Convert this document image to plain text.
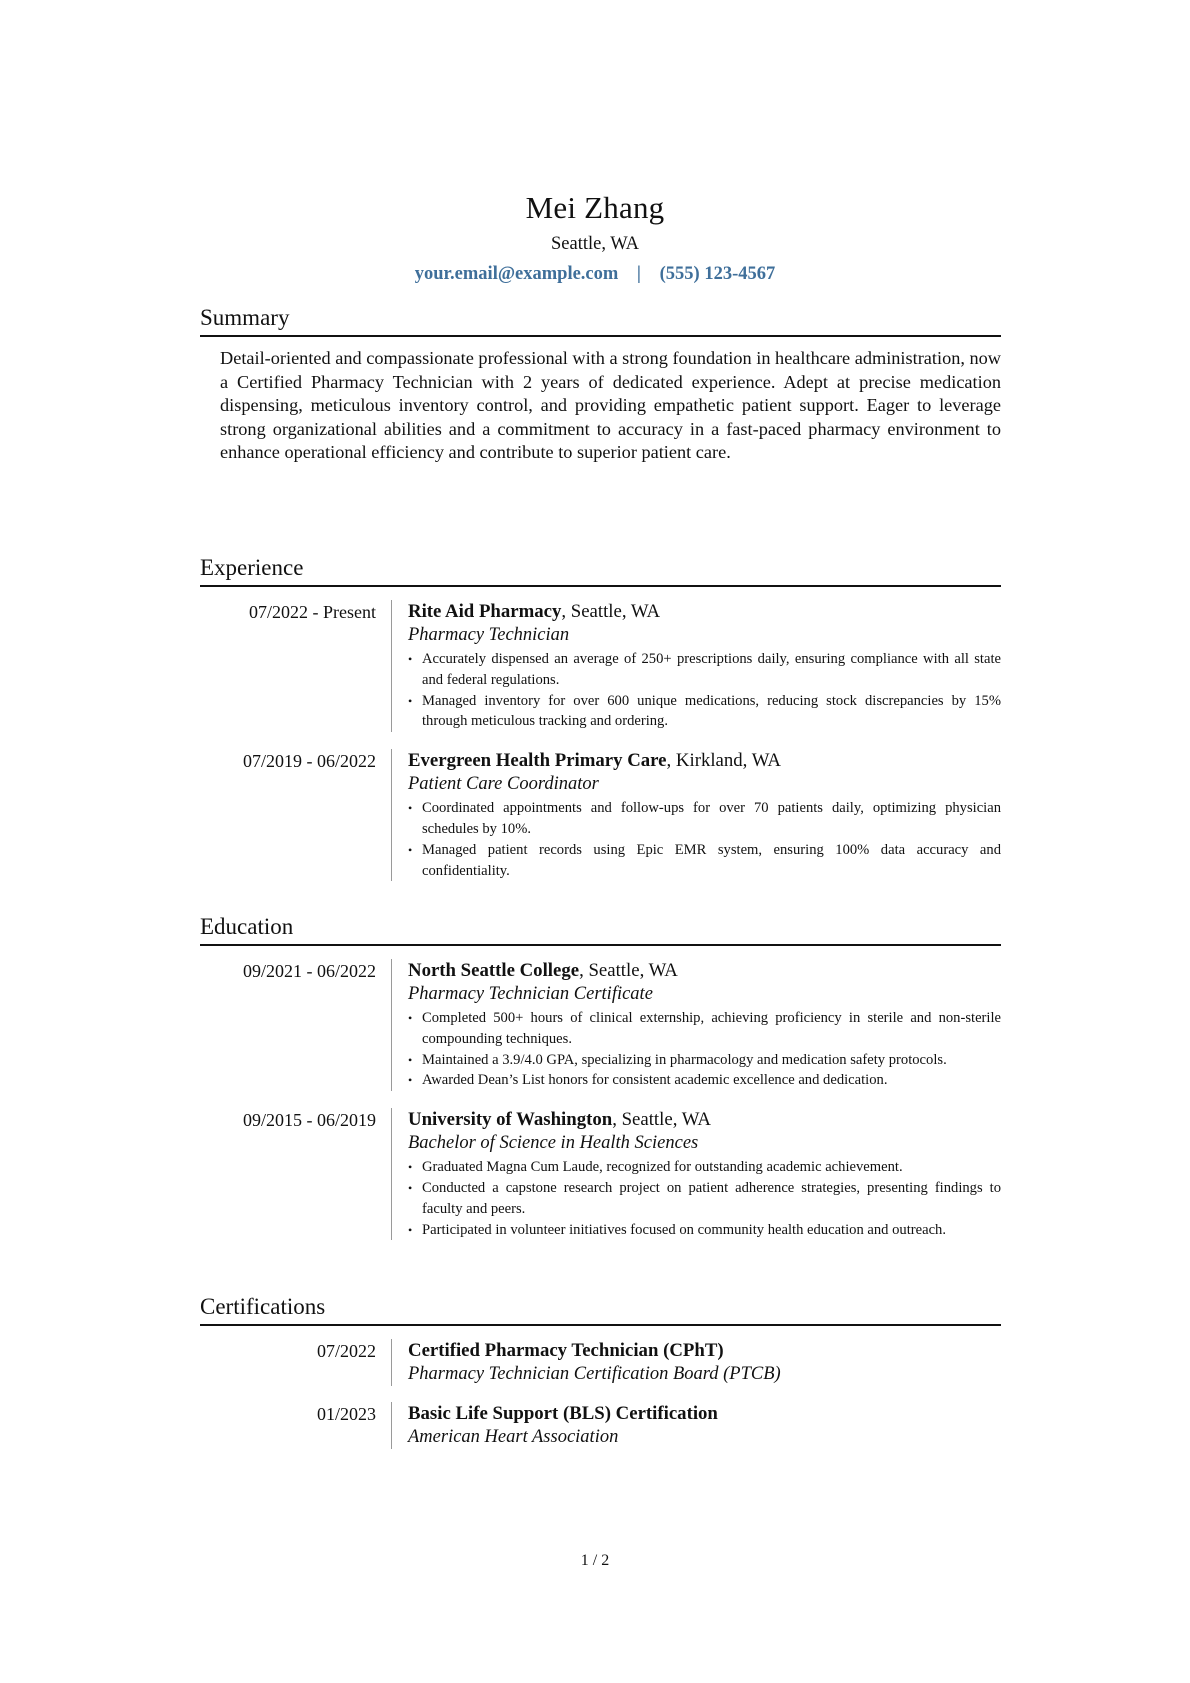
Mei Zhang
Seattle, WA
your.email@example.com | (555) 123-4567
Summary

Detail-oriented and compassionate professional with a strong foundation in healthcare administration, now a Certified Pharmacy Technician with 2 years of dedicated experience. Adept at precise medication dispensing, meticulous inventory control, and providing empathetic patient support. Eager to leverage strong organizational abilities and a commitment to accuracy in a fast-paced pharmacy environment to enhance operational efficiency and contribute to superior patient care.

Experience
07/2022 - Present	Rite Aid Pharmacy, Seattle, WA
Pharmacy Technician
• Accurately dispensed an average of 250+ prescriptions daily, ensuring compliance with all state and federal regulations.
• Managed inventory for over 600 unique medications, reducing stock discrepancies by 15% through meticulous tracking and ordering.
07/2019 - 06/2022	Evergreen Health Primary Care, Kirkland, WA
Patient Care Coordinator
• Coordinated appointments and follow-ups for over 70 patients daily, optimizing physician schedules by 10%.
• Managed patient records using Epic EMR system, ensuring 100% data accuracy and confidentiality.
Education
09/2021 - 06/2022	North Seattle College, Seattle, WA
Pharmacy Technician Certificate
• Completed 500+ hours of clinical externship, achieving proficiency in sterile and non-sterile compounding techniques.
• Maintained a 3.9/4.0 GPA, specializing in pharmacology and medication safety protocols.
• Awarded Dean’s List honors for consistent academic excellence and dedication.
09/2015 - 06/2019	University of Washington, Seattle, WA
Bachelor of Science in Health Sciences
• Graduated Magna Cum Laude, recognized for outstanding academic achievement.
• Conducted a capstone research project on patient adherence strategies, presenting findings to faculty and peers.
• Participated in volunteer initiatives focused on community health education and outreach.
Certifications
07/2022	Certified Pharmacy Technician (CPhT)
Pharmacy Technician Certification Board (PTCB)
01/2023	Basic Life Support (BLS) Certification
American Heart Association
1 / 2
